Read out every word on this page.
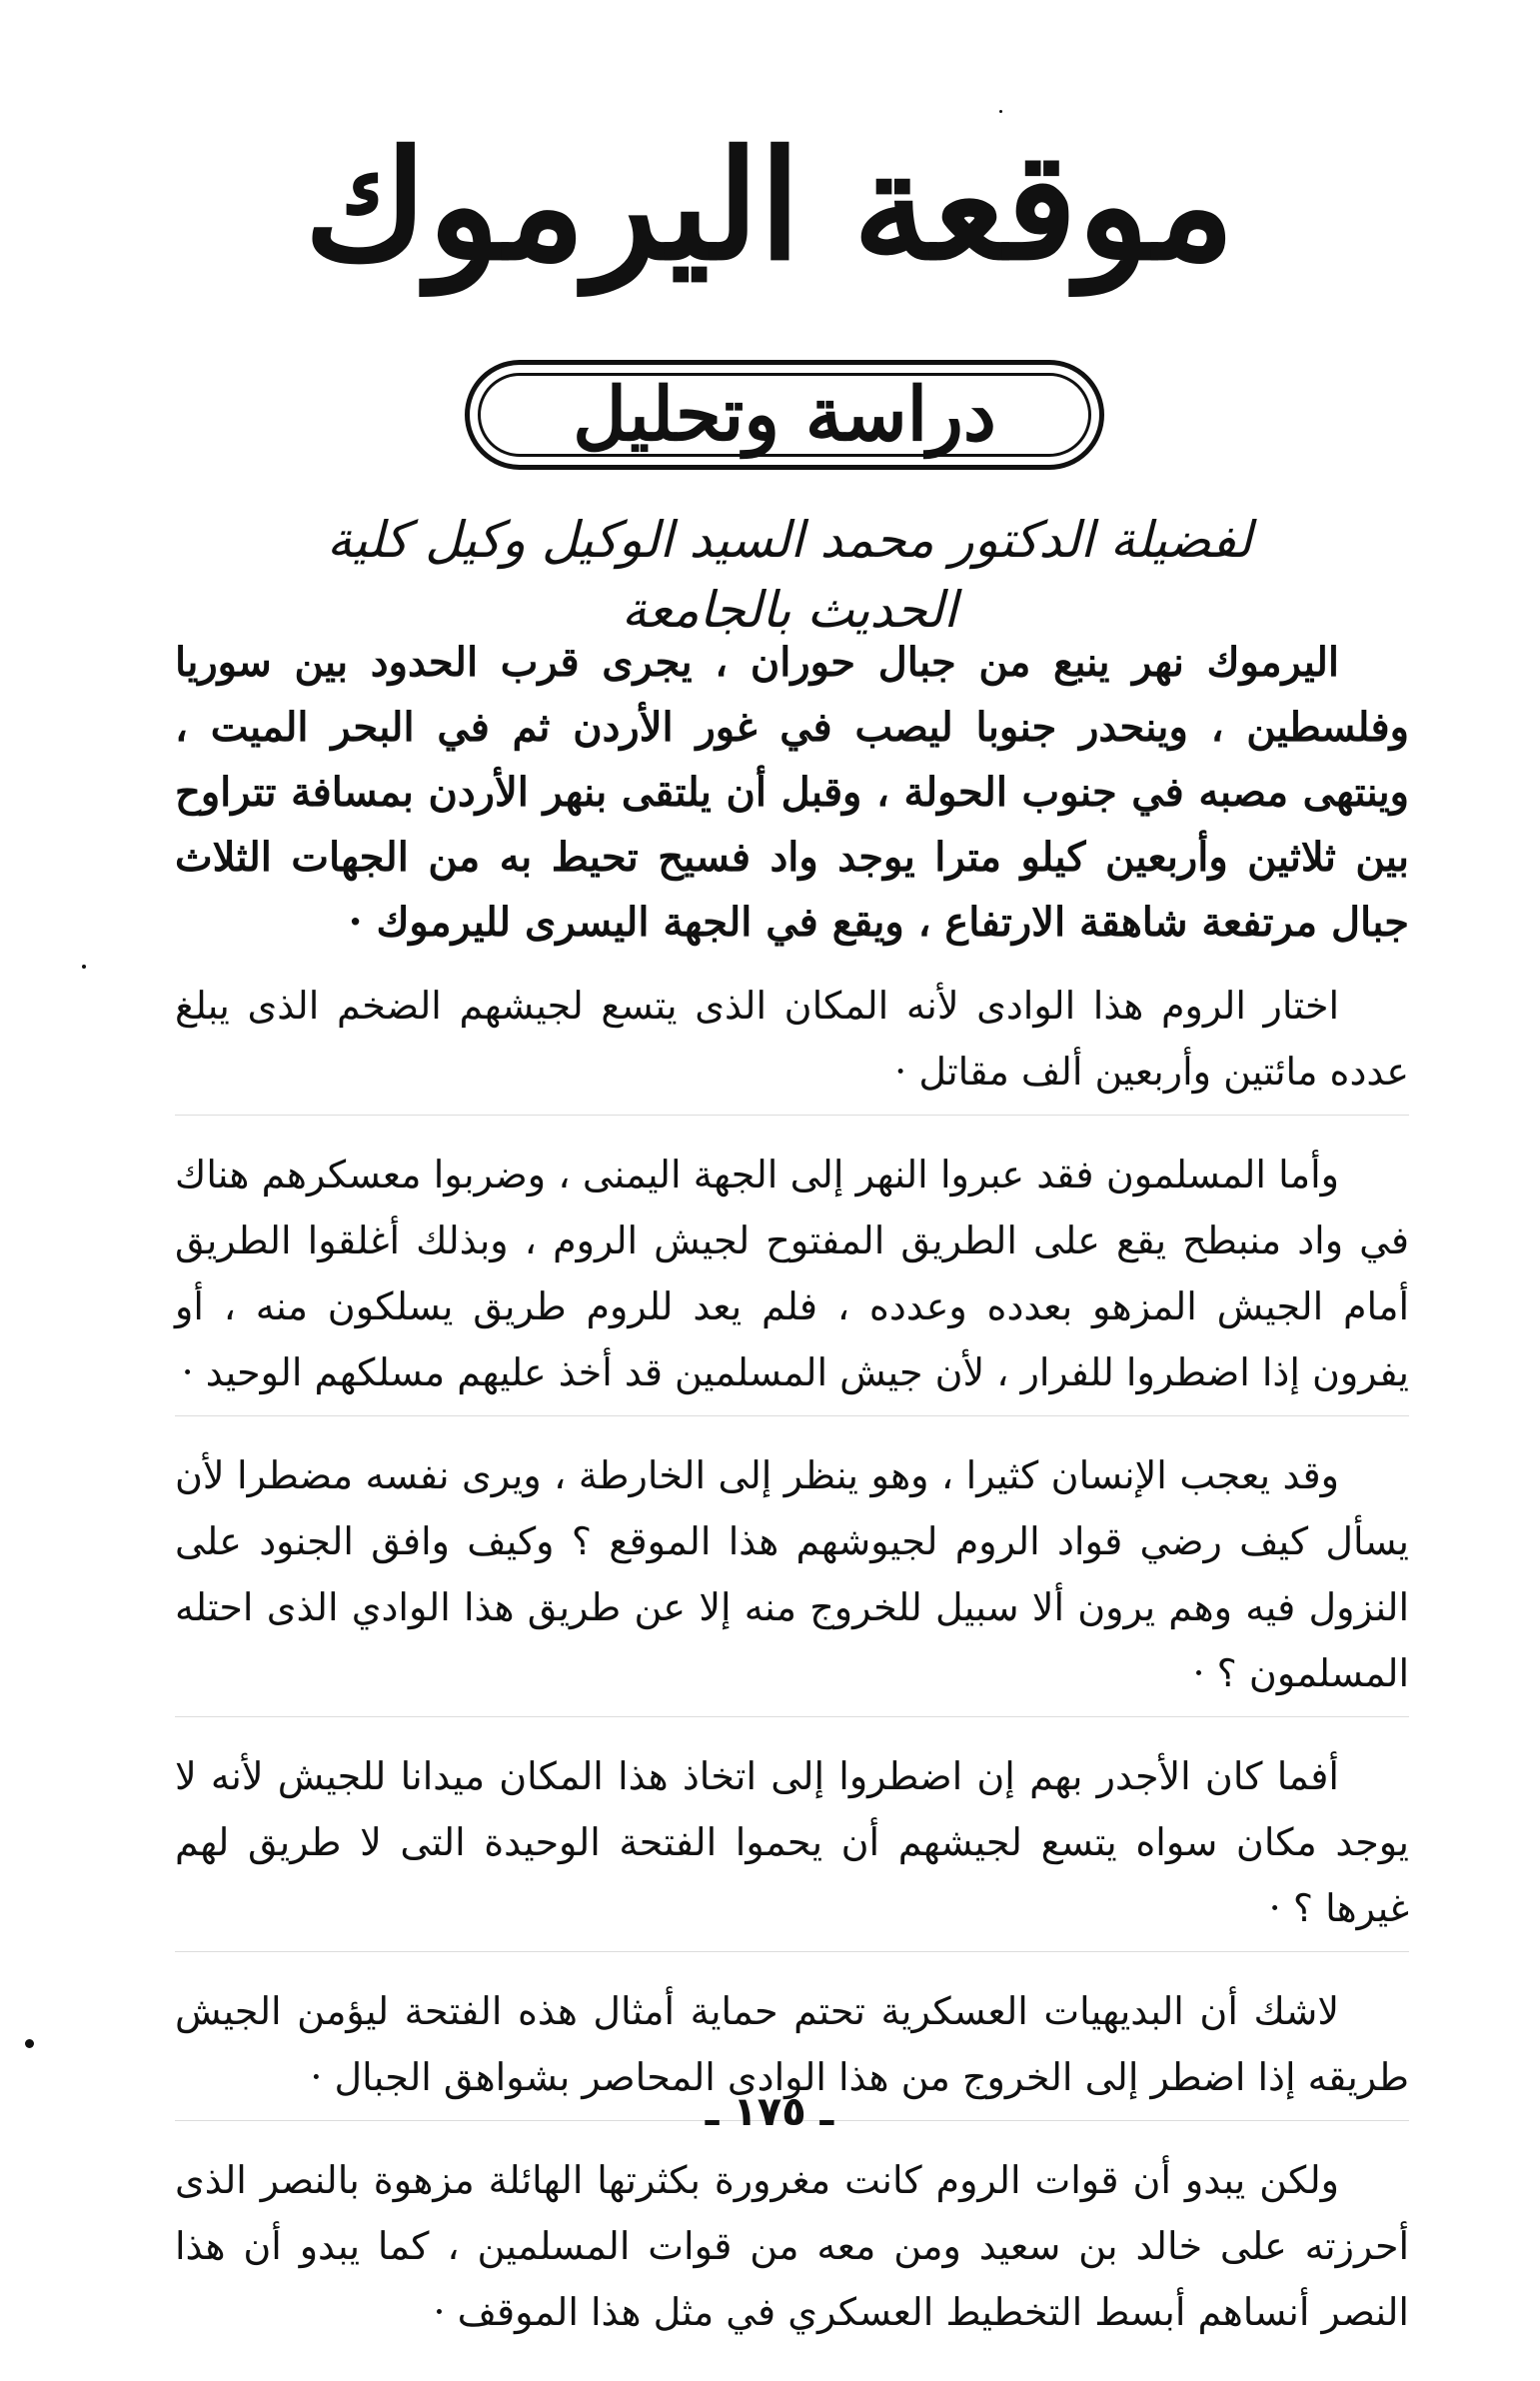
موقعة اليرموك
دراسة وتحليل
لفضيلة الدكتور محمد السيد الوكيل وكيل كلية الحديث بالجامعة

اليرموك نهر ينبع من جبال حوران ، يجرى قرب الحدود بين سوريا وفلسطين ، وينحدر جنوبا ليصب في غور الأردن ثم في البحر الميت ، وينتهى مصبه في جنوب الحولة ، وقبل أن يلتقى بنهر الأردن بمسافة تتراوح بين ثلاثين وأربعين كيلو مترا يوجد واد فسيح تحيط به من الجهات الثلاث جبال مرتفعة شاهقة الارتفاع ، ويقع في الجهة اليسرى لليرموك ·

اختار الروم هذا الوادى لأنه المكان الذى يتسع لجيشهم الضخم الذى يبلغ عدده مائتين وأربعين ألف مقاتل ·

وأما المسلمون فقد عبروا النهر إلى الجهة اليمنى ، وضربوا معسكرهم هناك في واد منبطح يقع على الطريق المفتوح لجيش الروم ، وبذلك أغلقوا الطريق أمام الجيش المزهو بعدده وعدده ، فلم يعد للروم طريق يسلكون منه ، أو يفرون إذا اضطروا للفرار ، لأن جيش المسلمين قد أخذ عليهم مسلكهم الوحيد ·

وقد يعجب الإنسان كثيرا ، وهو ينظر إلى الخارطة ، ويرى نفسه مضطرا لأن يسأل كيف رضي قواد الروم لجيوشهم هذا الموقع ؟ وكيف وافق الجنود على النزول فيه وهم يرون ألا سبيل للخروج منه إلا عن طريق هذا الوادي الذى احتله المسلمون ؟ ·

أفما كان الأجدر بهم إن اضطروا إلى اتخاذ هذا المكان ميدانا للجيش لأنه لا يوجد مكان سواه يتسع لجيشهم أن يحموا الفتحة الوحيدة التى لا طريق لهم غيرها ؟ ·

لاشك أن البديهيات العسكرية تحتم حماية أمثال هذه الفتحة ليؤمن الجيش طريقه إذا اضطر إلى الخروج من هذا الوادى المحاصر بشواهق الجبال ·

ولكن يبدو أن قوات الروم كانت مغرورة بكثرتها الهائلة مزهوة بالنصر الذى أحرزته على خالد بن سعيد ومن معه من قوات المسلمين ، كما يبدو أن هذا النصر أنساهم أبسط التخطيط العسكري في مثل هذا الموقف ·

ـ ١٧٥ ـ
